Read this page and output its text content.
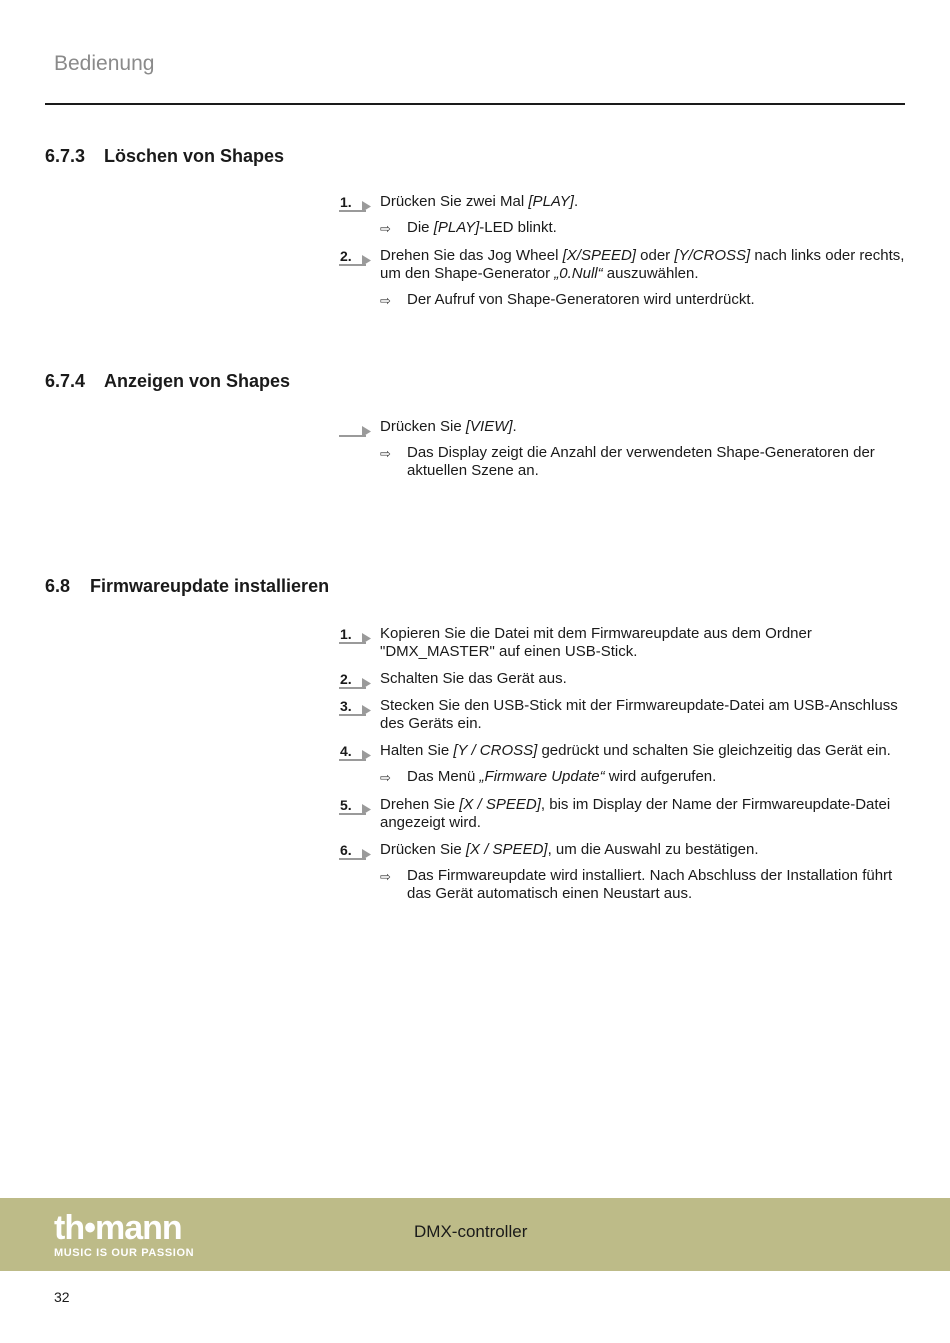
Bedienung
6.7.3 Löschen von Shapes
1. Drücken Sie zwei Mal [PLAY].
⇨ Die [PLAY]-LED blinkt.
2. Drehen Sie das Jog Wheel [X/SPEED] oder [Y/CROSS] nach links oder rechts, um den Shape-Generator „0.Null“ auszuwählen.
⇨ Der Aufruf von Shape-Generatoren wird unterdrückt.
6.7.4 Anzeigen von Shapes
Drücken Sie [VIEW].
⇨ Das Display zeigt die Anzahl der verwendeten Shape-Generatoren der aktuellen Szene an.
6.8 Firmwareupdate installieren
1. Kopieren Sie die Datei mit dem Firmwareupdate aus dem Ordner "DMX_MASTER" auf einen USB-Stick.
2. Schalten Sie das Gerät aus.
3. Stecken Sie den USB-Stick mit der Firmwareupdate-Datei am USB-Anschluss des Geräts ein.
4. Halten Sie [Y / CROSS] gedrückt und schalten Sie gleichzeitig das Gerät ein.
⇨ Das Menü „Firmware Update“ wird aufgerufen.
5. Drehen Sie [X / SPEED], bis im Display der Name der Firmwareupdate-Datei angezeigt wird.
6. Drücken Sie [X / SPEED], um die Auswahl zu bestätigen.
⇨ Das Firmwareupdate wird installiert. Nach Abschluss der Installation führt das Gerät automatisch einen Neustart aus.
th•mann
MUSIC IS OUR PASSION
DMX-controller
32
